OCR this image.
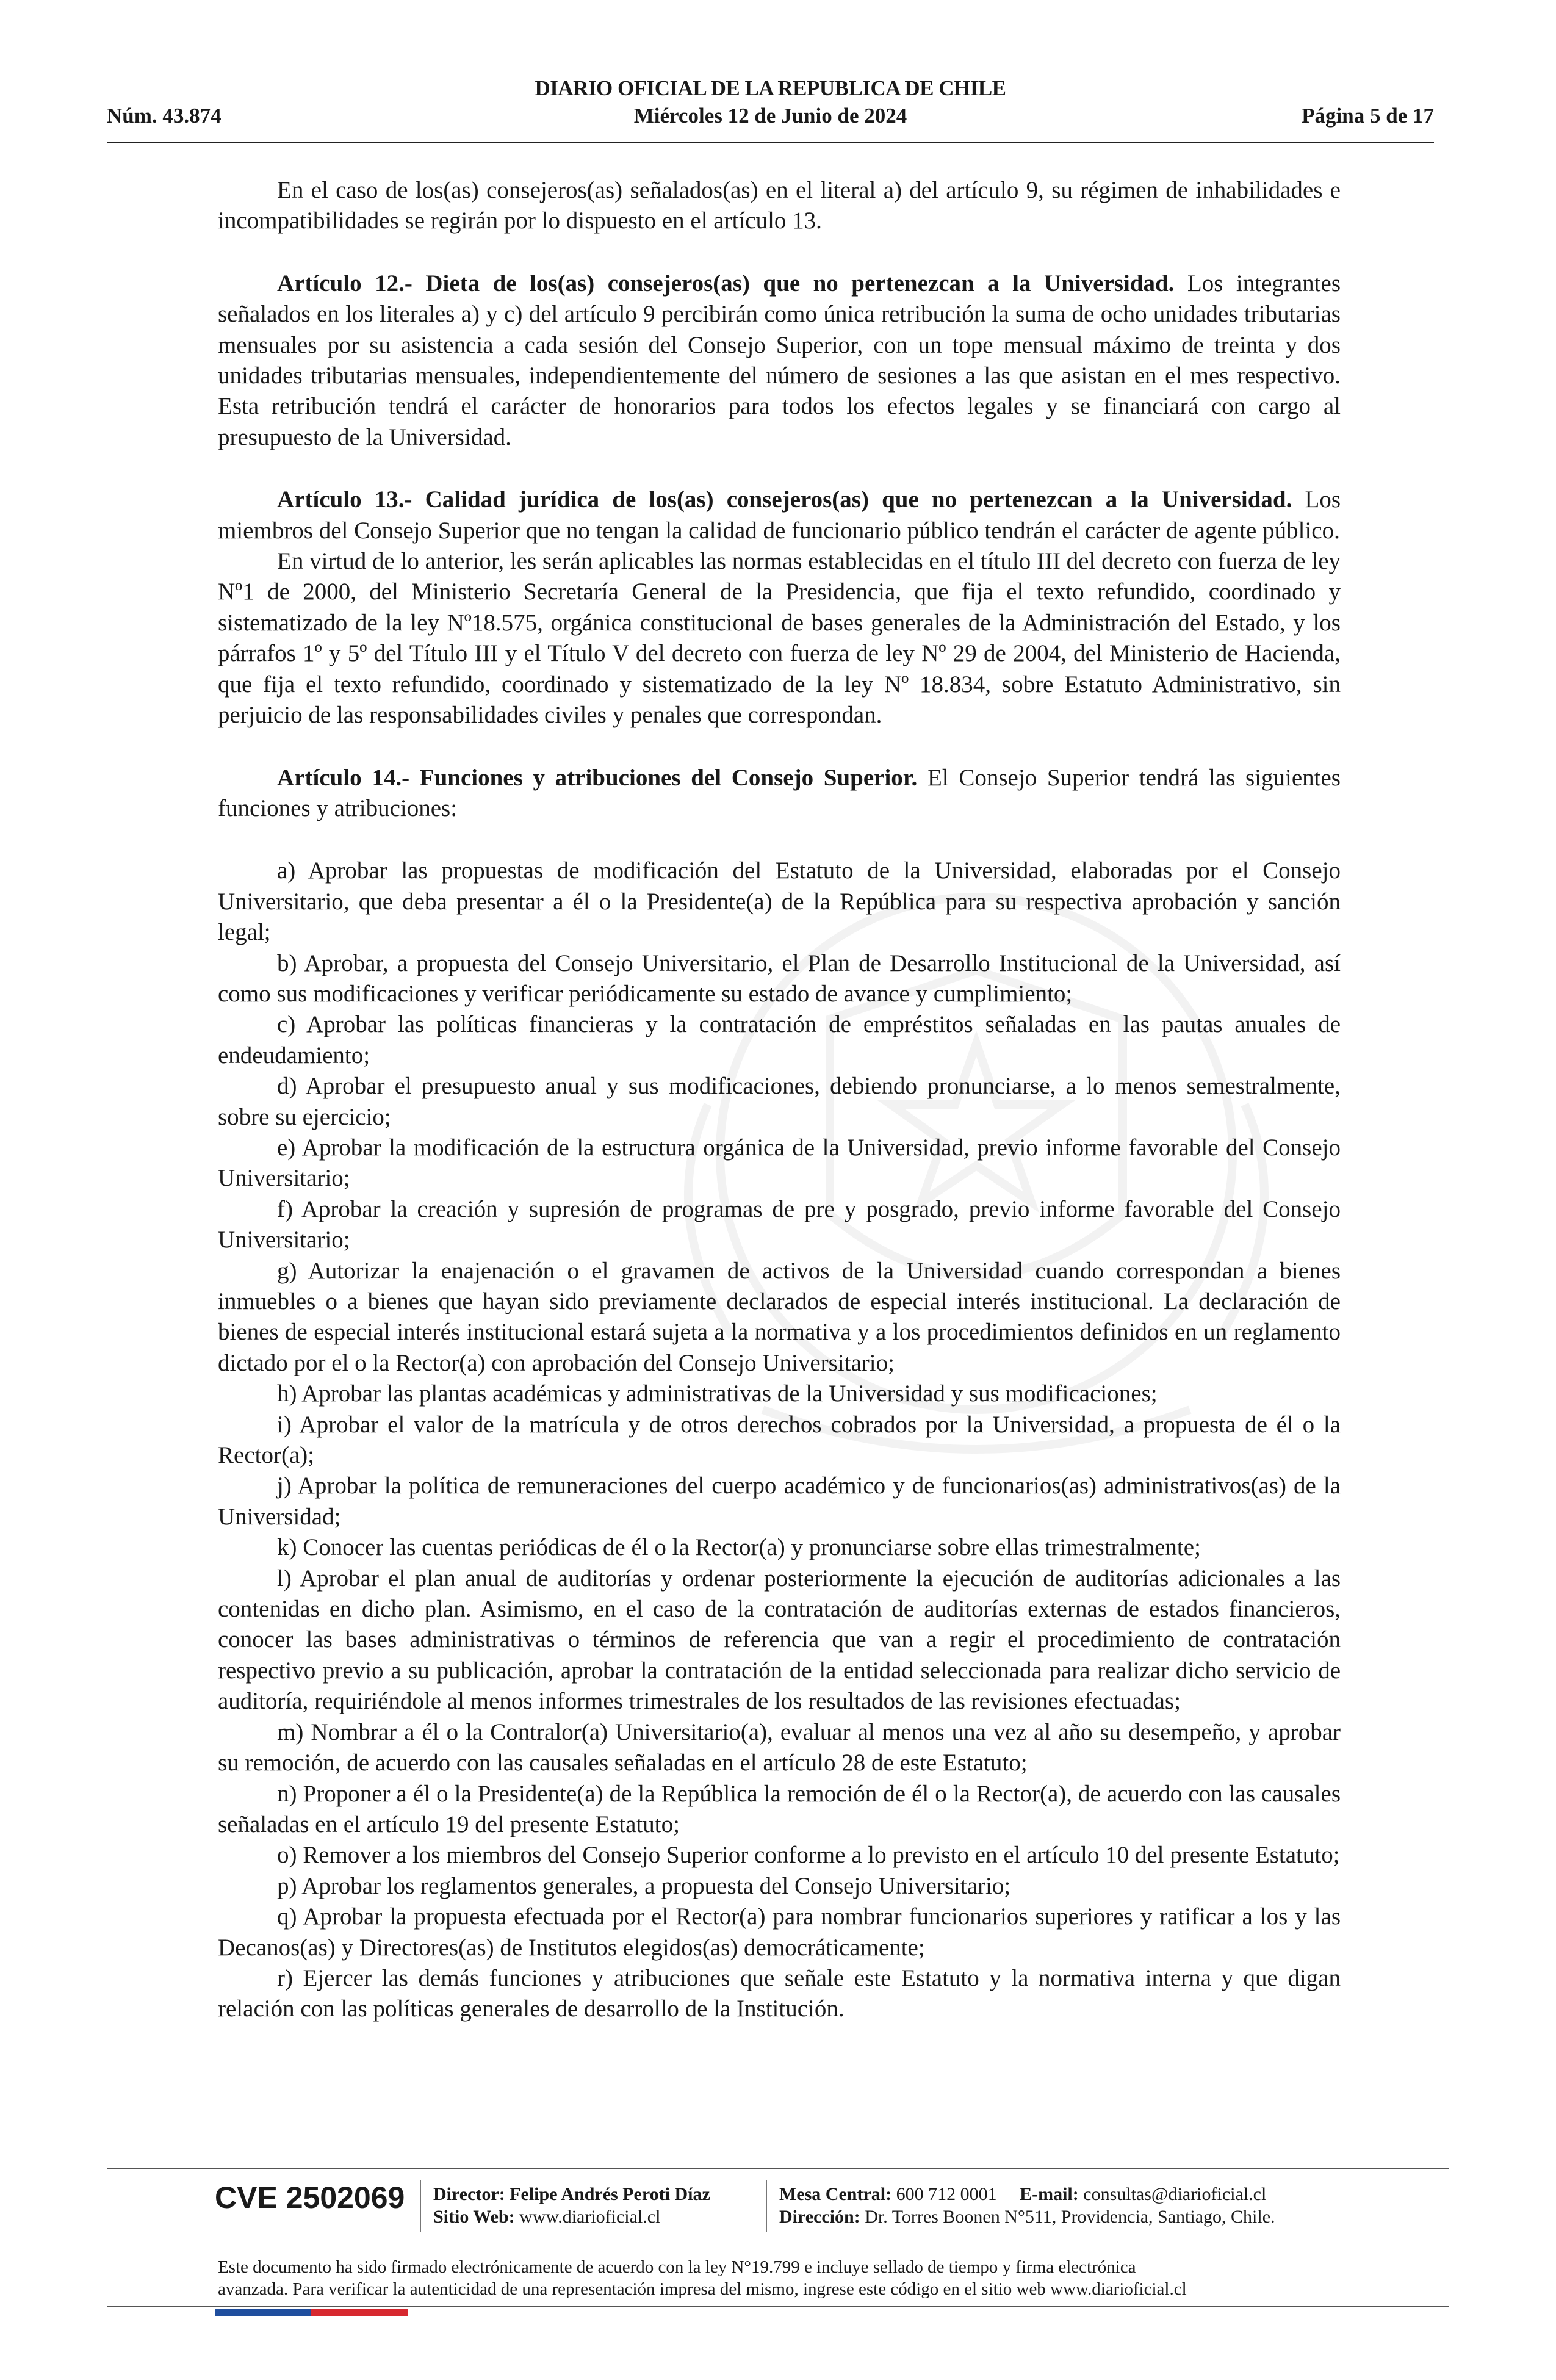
DIARIO OFICIAL DE LA REPUBLICA DE CHILE
Núm. 43.874	Miércoles 12 de Junio de 2024	Página 5 de 17

En el caso de los(as) consejeros(as) señalados(as) en el literal a) del artículo 9, su régimen de inhabilidades e incompatibilidades se regirán por lo dispuesto en el artículo 13.

Artículo 12.- Dieta de los(as) consejeros(as) que no pertenezcan a la Universidad. Los integrantes señalados en los literales a) y c) del artículo 9 percibirán como única retribución la suma de ocho unidades tributarias mensuales por su asistencia a cada sesión del Consejo Superior, con un tope mensual máximo de treinta y dos unidades tributarias mensuales, independientemente del número de sesiones a las que asistan en el mes respectivo. Esta retribución tendrá el carácter de honorarios para todos los efectos legales y se financiará con cargo al presupuesto de la Universidad.

Artículo 13.- Calidad jurídica de los(as) consejeros(as) que no pertenezcan a la Universidad. Los miembros del Consejo Superior que no tengan la calidad de funcionario público tendrán el carácter de agente público.

En virtud de lo anterior, les serán aplicables las normas establecidas en el título III del decreto con fuerza de ley Nº1 de 2000, del Ministerio Secretaría General de la Presidencia, que fija el texto refundido, coordinado y sistematizado de la ley Nº18.575, orgánica constitucional de bases generales de la Administración del Estado, y los párrafos 1º y 5º del Título III y el Título V del decreto con fuerza de ley Nº 29 de 2004, del Ministerio de Hacienda, que fija el texto refundido, coordinado y sistematizado de la ley Nº 18.834, sobre Estatuto Administrativo, sin perjuicio de las responsabilidades civiles y penales que correspondan.

Artículo 14.- Funciones y atribuciones del Consejo Superior. El Consejo Superior tendrá las siguientes funciones y atribuciones:

a) Aprobar las propuestas de modificación del Estatuto de la Universidad, elaboradas por el Consejo Universitario, que deba presentar a él o la Presidente(a) de la República para su respectiva aprobación y sanción legal;

b) Aprobar, a propuesta del Consejo Universitario, el Plan de Desarrollo Institucional de la Universidad, así como sus modificaciones y verificar periódicamente su estado de avance y cumplimiento;

c) Aprobar las políticas financieras y la contratación de empréstitos señaladas en las pautas anuales de endeudamiento;

d) Aprobar el presupuesto anual y sus modificaciones, debiendo pronunciarse, a lo menos semestralmente, sobre su ejercicio;

e) Aprobar la modificación de la estructura orgánica de la Universidad, previo informe favorable del Consejo Universitario;

f) Aprobar la creación y supresión de programas de pre y posgrado, previo informe favorable del Consejo Universitario;

g) Autorizar la enajenación o el gravamen de activos de la Universidad cuando correspondan a bienes inmuebles o a bienes que hayan sido previamente declarados de especial interés institucional. La declaración de bienes de especial interés institucional estará sujeta a la normativa y a los procedimientos definidos en un reglamento dictado por el o la Rector(a) con aprobación del Consejo Universitario;

h) Aprobar las plantas académicas y administrativas de la Universidad y sus modificaciones;

i) Aprobar el valor de la matrícula y de otros derechos cobrados por la Universidad, a propuesta de él o la Rector(a);

j) Aprobar la política de remuneraciones del cuerpo académico y de funcionarios(as) administrativos(as) de la Universidad;

k) Conocer las cuentas periódicas de él o la Rector(a) y pronunciarse sobre ellas trimestralmente;

l) Aprobar el plan anual de auditorías y ordenar posteriormente la ejecución de auditorías adicionales a las contenidas en dicho plan. Asimismo, en el caso de la contratación de auditorías externas de estados financieros, conocer las bases administrativas o términos de referencia que van a regir el procedimiento de contratación respectivo previo a su publicación, aprobar la contratación de la entidad seleccionada para realizar dicho servicio de auditoría, requiriéndole al menos informes trimestrales de los resultados de las revisiones efectuadas;

m) Nombrar a él o la Contralor(a) Universitario(a), evaluar al menos una vez al año su desempeño, y aprobar su remoción, de acuerdo con las causales señaladas en el artículo 28 de este Estatuto;

n) Proponer a él o la Presidente(a) de la República la remoción de él o la Rector(a), de acuerdo con las causales señaladas en el artículo 19 del presente Estatuto;

o) Remover a los miembros del Consejo Superior conforme a lo previsto en el artículo 10 del presente Estatuto;

p) Aprobar los reglamentos generales, a propuesta del Consejo Universitario;

q) Aprobar la propuesta efectuada por el Rector(a) para nombrar funcionarios superiores y ratificar a los y las Decanos(as) y Directores(as) de Institutos elegidos(as) democráticamente;

r) Ejercer las demás funciones y atribuciones que señale este Estatuto y la normativa interna y que digan relación con las políticas generales de desarrollo de la Institución.

CVE 2502069 Director: Felipe Andrés Peroti Díaz
Sitio Web: www.diarioficial.cl
Mesa Central: 600 712 0001 E-mail: consultas@diarioficial.cl
Dirección: Dr. Torres Boonen N°511, Providencia, Santiago, Chile.
Este documento ha sido firmado electrónicamente de acuerdo con la ley N°19.799 e incluye sellado de tiempo y firma electrónica
avanzada. Para verificar la autenticidad de una representación impresa del mismo, ingrese este código en el sitio web www.diarioficial.cl
